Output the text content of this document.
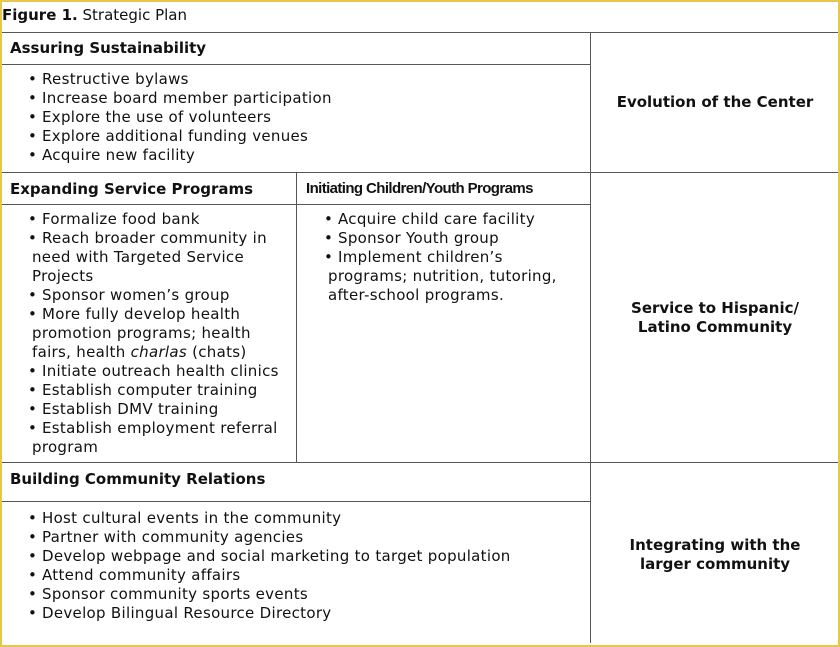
Figure 1. Strategic Plan
Assuring Sustainability
• Restructive bylaws
• Increase board member participation
• Explore the use of volunteers
• Explore additional funding venues
• Acquire new facility
Evolution of the Center
Expanding Service Programs
• Formalize food bank
• Reach broader community in
need with Targeted Service
Projects
• Sponsor women’s group
• More fully develop health
promotion programs; health
fairs, health charlas (chats)
• Initiate outreach health clinics
• Establish computer training
• Establish DMV training
• Establish employment referral
program
Initiating Children/Youth Programs
• Acquire child care facility
• Sponsor Youth group
• Implement children’s
programs; nutrition, tutoring,
after-school programs.
Service to Hispanic/
Latino Community
Building Community Relations
• Host cultural events in the community
• Partner with community agencies
• Develop webpage and social marketing to target population
• Attend community affairs
• Sponsor community sports events
• Develop Bilingual Resource Directory
Integrating with the
larger community
